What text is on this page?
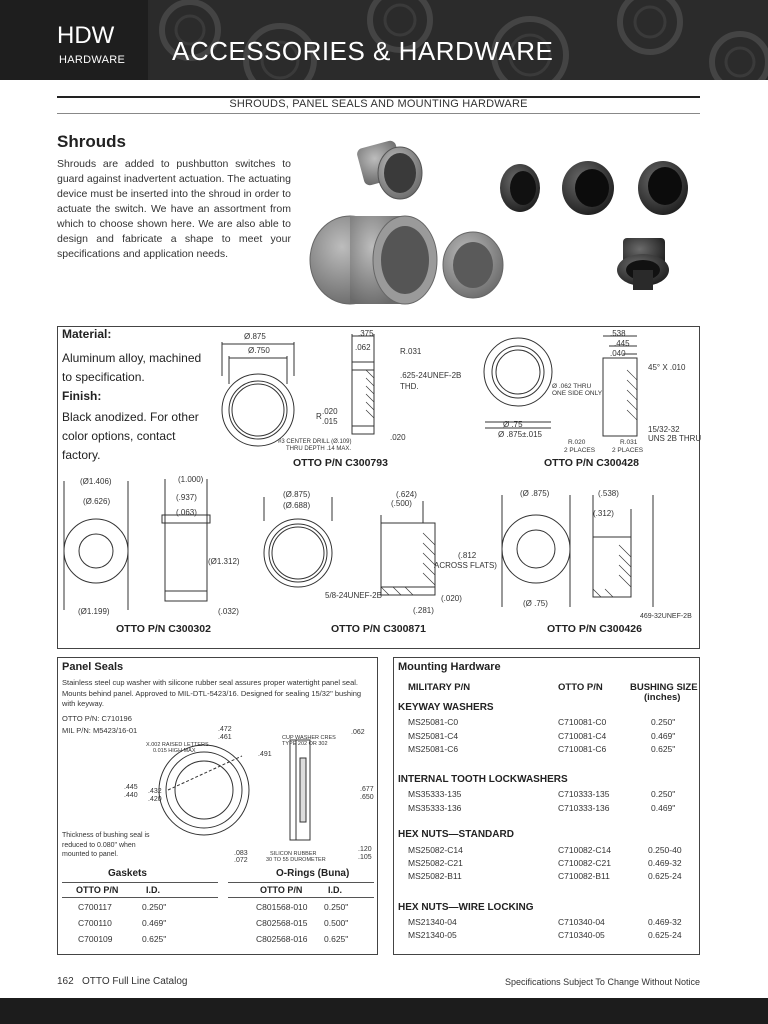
HDW
HARDWARE ACCESSORIES & HARDWARE
SHROUDS, PANEL SEALS AND MOUNTING HARDWARE
Shrouds
Shrouds are added to pushbutton switches to guard against inadvertent actuation. The actuating device must be inserted into the shroud in order to actuate the switch. We have an assortment from which to choose shown here. We are also able to design and fabricate a shape to meet your specifications and application needs.
Material:
Aluminum alloy, machined to specification.
Finish:
Black anodized. For other color options, contact factory.
Ø.875
Ø.750
.375
.062	R.031
.625-24UNEF-2B
THD.
.020
R
.015
.020
#3 CENTER DRILL (Ø.109)
THRU DEPTH .14 MAX.
OTTO P/N C300793
.538
.445
.040
45° X .010
Ø .062 THRU
ONE SIDE ONLY
Ø .75
Ø .875±.015
R.020
2 PLACES
R.031
2 PLACES
15/32-32
UNS 2B THRU
OTTO P/N C300428
(Ø1.406)
(Ø.626)
(1.000)
(.937)
(.063)
(Ø1.312)
(Ø1.199)	(.032)
OTTO P/N C300302
(Ø.875)
(Ø.688)
(.624)
(.500)
(.812
ACROSS FLATS)
5/8-24UNEF-2B
(.281)
(.020)
OTTO P/N C300871
(Ø .875)	(.538)
(.312)
(Ø .75)
469-32UNEF-2B
OTTO P/N C300426
Panel Seals
Stainless steel cup washer with silicone rubber seal assures proper watertight panel seal. Mounts behind panel. Approved to MIL-DTL-5423/16. Designed for sealing 15/32" bushing with keyway.
OTTO P/N: C710196
MIL P/N: M5423/16-01	.472
.461
.491
X.002 RAISED LETTERS
0.015 HIGH MAX
CUP WASHER CRES
TYPE 202 OR 302
.062
.445
.440
.432
.420
.677
.650
.083
.072
SILICON RUBBER
30 TO 55 DUROMETER
.120
.105
Thickness of bushing seal is reduced to 0.080" when mounted to panel.
Gaskets
OTTO P/N	I.D.
C700117	0.250"
C700110	0.469"
C700109	0.625"
O-Rings (Buna)
OTTO P/N	I.D.
C801568-010 0.250"
C802568-015 0.500"
C802568-016 0.625"
Mounting Hardware
MILITARY P/N	OTTO P/N	BUSHING SIZE
(inches)
KEYWAY WASHERS
MS25081-C0	C710081-C0	0.250"
MS25081-C4	C710081-C4	0.469"
MS25081-C6	C710081-C6	0.625"
INTERNAL TOOTH LOCKWASHERS
MS35333-135	C710333-135	0.250"
MS35333-136	C710333-136	0.469"
HEX NUTS—STANDARD
MS25082-C14	C710082-C14	0.250-40
MS25082-C21	C710082-C21	0.469-32
MS25082-B11	C710082-B11	0.625-24
HEX NUTS—WIRE LOCKING
MS21340-04	C710340-04	0.469-32
MS21340-05	C710340-05	0.625-24
162 OTTO Full Line Catalog	Specifications Subject To Change Without Notice
